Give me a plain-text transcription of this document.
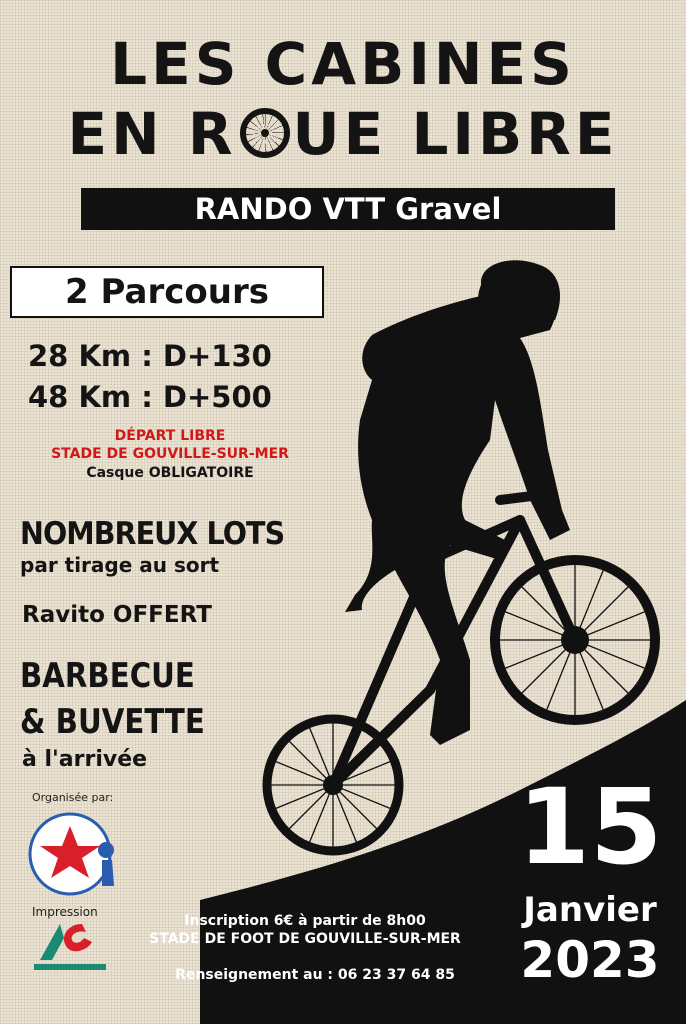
LES CABINES
EN R UE LIBRE
RANDO VTT Gravel
2 Parcours
28 Km : D+130
48 Km : D+500
DÉPART LIBRE
STADE DE GOUVILLE-SUR-MER
Casque OBLIGATOIRE
NOMBREUX LOTS
par tirage au sort
Ravito OFFERT
BARBECUE
& BUVETTE
à l'arrivée
Organisée par:
Impression
Inscription 6€ à partir de 8h00
STADE DE FOOT DE GOUVILLE-SUR-MER
Renseignement au : 06 23 37 64 85
15
Janvier
2023
